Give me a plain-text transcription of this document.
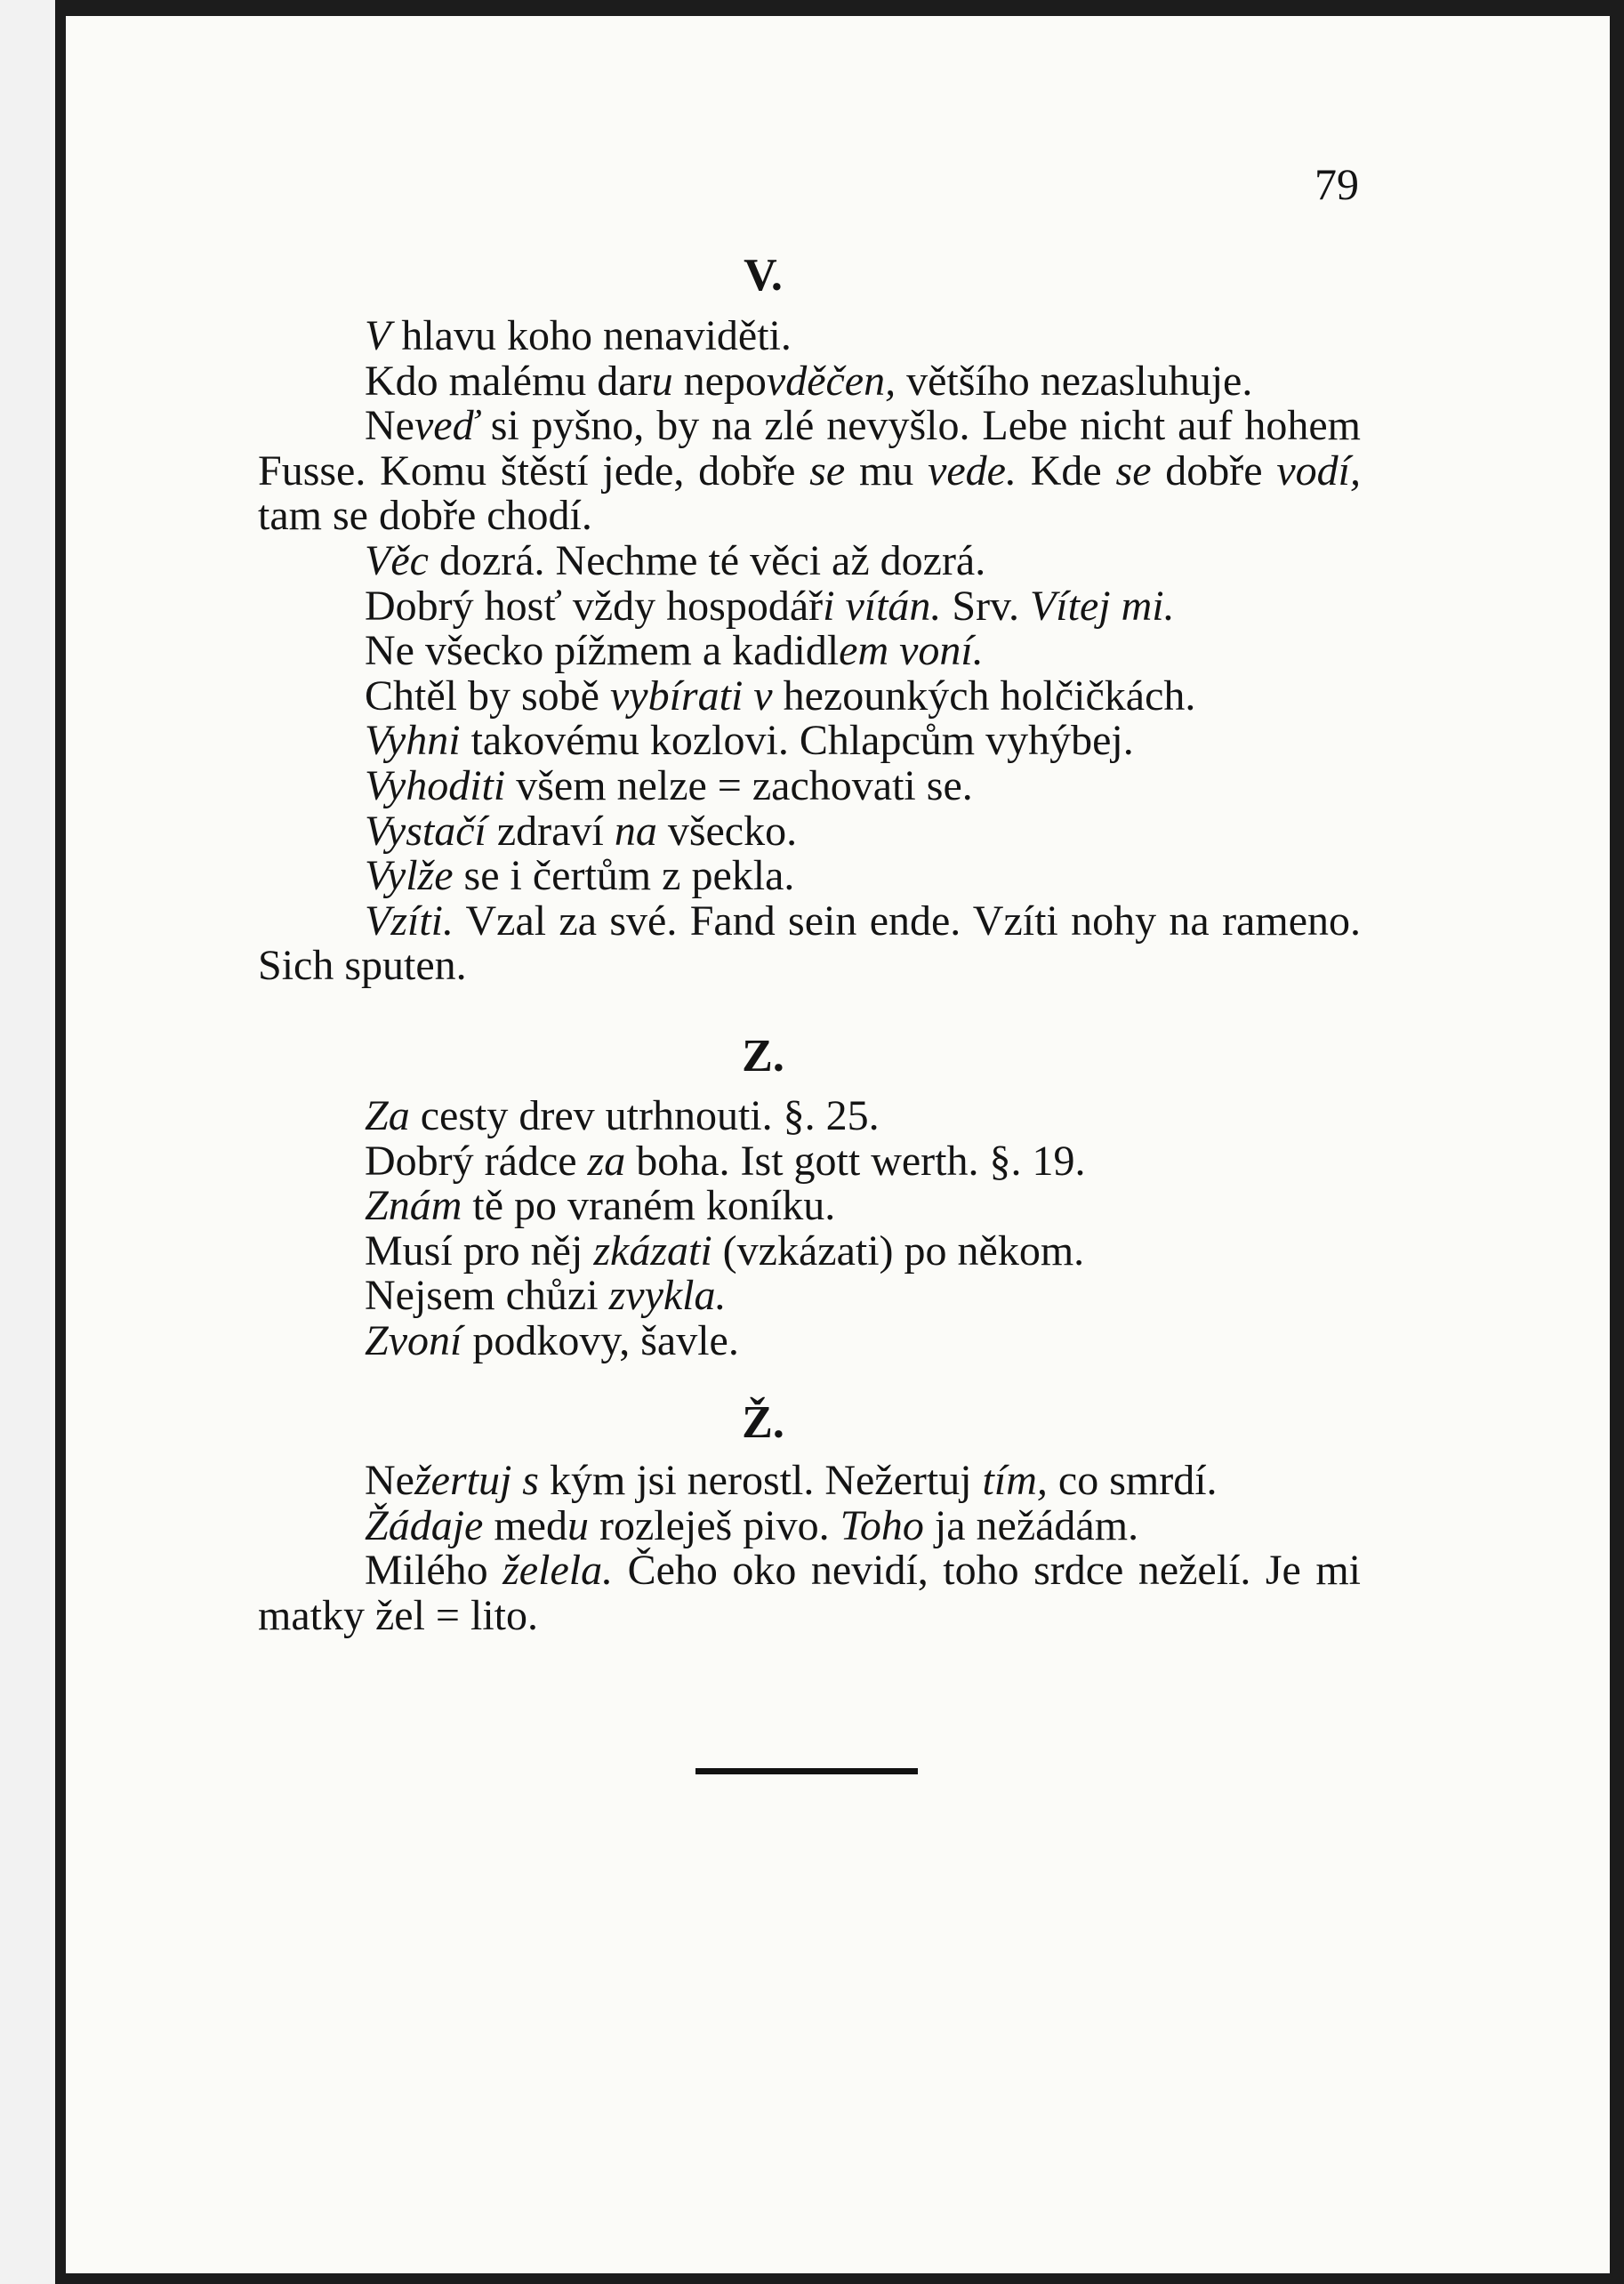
79
V.

V hlavu koho nenaviděti.

Kdo malému daru nepovděčen, většího nezasluhuje.

Neveď si pyšno, by na zlé nevyšlo. Lebe nicht auf hohem Fusse. Komu štěstí jede, dobře se mu vede. Kde se dobře vodí, tam se dobře chodí.

Věc dozrá. Nechme té věci až dozrá.

Dobrý hosť vždy hospodáři vítán. Srv. Vítej mi.

Ne všecko pížmem a kadidlem voní.

Chtěl by sobě vybírati v hezounkých holčičkách.

Vyhni takovému kozlovi. Chlapcům vyhýbej.

Vyhoditi všem nelze = zachovati se.

Vystačí zdraví na všecko.

Vylže se i čertům z pekla.

Vzíti. Vzal za své. Fand sein ende. Vzíti nohy na rameno. Sich sputen.

Z.

Za cesty drev utrhnouti. §. 25.

Dobrý rádce za boha. Ist gott werth. §. 19.

Znám tě po vraném koníku.

Musí pro něj zkázati (vzkázati) po někom.

Nejsem chůzi zvykla.

Zvoní podkovy, šavle.

Ž.

Nežertuj s kým jsi nerostl. Nežertuj tím, co smrdí.

Žádaje medu rozleješ pivo. Toho ja nežádám.

Milého želela. Čeho oko nevidí, toho srdce neželí. Je mi matky žel = lito.
